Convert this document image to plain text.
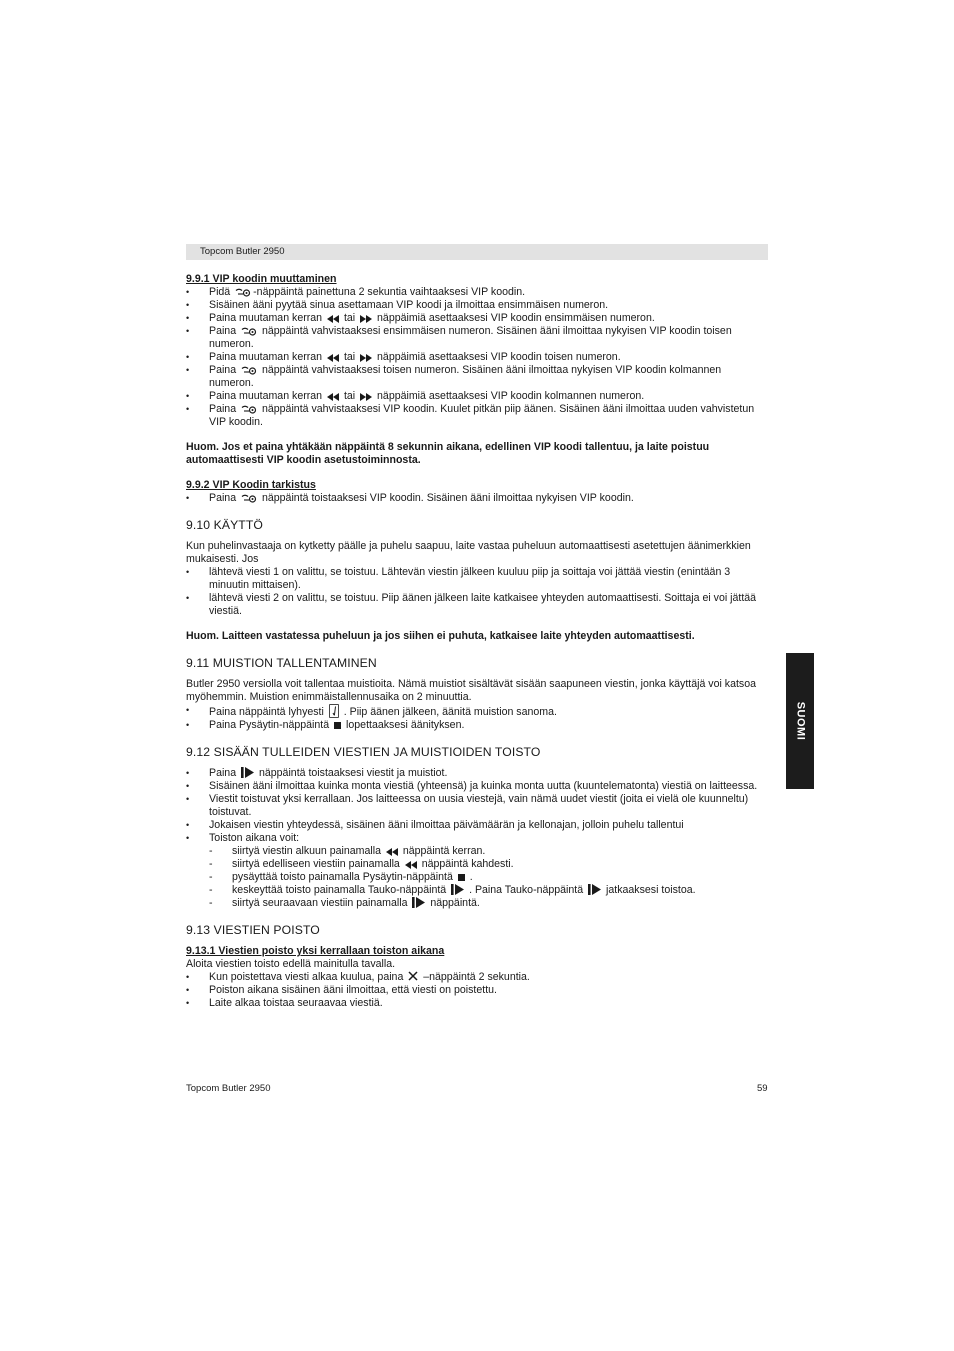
Topcom Butler 2950
SUOMI

9.9.1 VIP koodin muuttaminen

• Pidä -näppäintä painettuna 2 sekuntia vaihtaaksesi VIP koodin.
• Sisäinen ääni pyytää sinua asettamaan VIP koodi ja ilmoittaa ensimmäisen numeron.
• Paina muutaman kerran  tai  näppäimiä asettaaksesi VIP koodin ensimmäisen numeron.
• Paina  näppäintä vahvistaaksesi ensimmäisen numeron. Sisäinen ääni ilmoittaa nykyisen VIP koodin toisen numeron.
• Paina muutaman kerran  tai  näppäimiä asettaaksesi VIP koodin toisen numeron.
• Paina  näppäintä vahvistaaksesi toisen numeron. Sisäinen ääni ilmoittaa nykyisen VIP koodin kolmannen numeron.
• Paina muutaman kerran  tai  näppäimiä asettaaksesi VIP koodin kolmannen numeron.
• Paina  näppäintä vahvistaaksesi VIP koodin. Kuulet pitkän piip äänen. Sisäinen ääni ilmoittaa uuden vahvistetun VIP koodin.

Huom. Jos et paina yhtäkään näppäintä 8 sekunnin aikana, edellinen VIP koodi tallentuu, ja laite poistuu automaattisesti VIP koodin asetustoiminnosta.

9.9.2 VIP Koodin tarkistus

• Paina  näppäintä toistaaksesi VIP koodin. Sisäinen ääni ilmoittaa nykyisen VIP koodin.

9.10 KÄYTTÖ

Kun puhelinvastaaja on kytketty päälle ja puhelu saapuu, laite vastaa puheluun automaattisesti asetettujen äänimerkkien mukaisesti. Jos

• lähtevä viesti 1 on valittu, se toistuu. Lähtevän viestin jälkeen kuuluu piip ja soittaja voi jättää viestin (enintään 3 minuutin mittaisen).
• lähtevä viesti 2 on valittu, se toistuu. Piip äänen jälkeen laite katkaisee yhteyden automaattisesti. Soittaja ei voi jättää viestiä.

Huom. Laitteen vastatessa puheluun ja jos siihen ei puhuta, katkaisee laite yhteyden automaattisesti.

9.11 MUISTION TALLENTAMINEN

Butler 2950 versiolla voit tallentaa muistioita. Nämä muistiot sisältävät sisään saapuneen viestin, jonka käyttäjä voi katsoa myöhemmin. Muistion enimmäistallennusaika on 2 minuuttia.

• Paina näppäintä lyhyesti  . Piip äänen jälkeen, äänitä muistion sanoma.
• Paina Pysäytin-näppäintä  lopettaaksesi äänityksen.

9.12 SISÄÄN TULLEIDEN VIESTIEN JA MUISTIOIDEN TOISTO

• Paina  näppäintä toistaaksesi viestit ja muistiot.
• Sisäinen ääni ilmoittaa kuinka monta viestiä (yhteensä) ja kuinka monta uutta (kuuntelematonta) viestiä on laitteessa.
• Viestit toistuvat yksi kerrallaan. Jos laitteessa on uusia viestejä, vain nämä uudet viestit (joita ei vielä ole kuunneltu) toistuvat.
• Jokaisen viestin yhteydessä, sisäinen ääni ilmoittaa päivämäärän ja kellonajan, jolloin puhelu tallentui
• Toiston aikana voit:
- siirtyä viestin alkuun painamalla  näppäintä kerran.
- siirtyä edelliseen viestiin painamalla  näppäintä kahdesti.
- pysäyttää toisto painamalla Pysäytin-näppäintä  .
- keskeyttää toisto painamalla Tauko-näppäintä  . Paina Tauko-näppäintä  jatkaaksesi toistoa.
- siirtyä seuraavaan viestiin painamalla  näppäintä.

9.13 VIESTIEN POISTO

9.13.1 Viestien poisto yksi kerrallaan toiston aikana

Aloita viestien toisto edellä mainitulla tavalla.

• Kun poistettava viesti alkaa kuulua, paina  –näppäintä 2 sekuntia.
• Poiston aikana sisäinen ääni ilmoittaa, että viesti on poistettu.
• Laite alkaa toistaa seuraavaa viestiä.
Topcom Butler 2950	59
